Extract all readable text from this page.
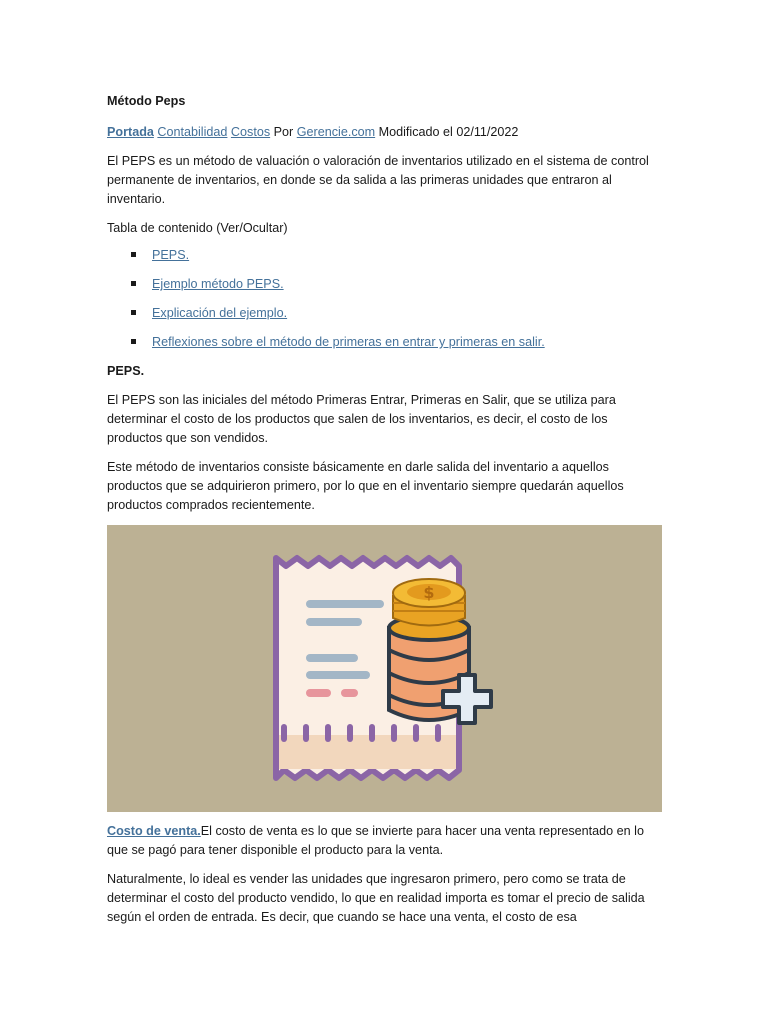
Método Peps
Portada Contabilidad Costos Por Gerencie.com Modificado el 02/11/2022
El PEPS es un método de valuación o valoración de inventarios utilizado en el sistema de control permanente de inventarios, en donde se da salida a las primeras unidades que entraron al inventario.
Tabla de contenido (Ver/Ocultar)
PEPS.
Ejemplo método PEPS.
Explicación del ejemplo.
Reflexiones sobre el método de primeras en entrar y primeras en salir.
PEPS.
El PEPS son las iniciales del método Primeras Entrar, Primeras en Salir, que se utiliza para determinar el costo de los productos que salen de los inventarios, es decir, el costo de los productos que son vendidos.
Este método de inventarios consiste básicamente en darle salida del inventario a aquellos productos que se adquirieron primero, por lo que en el inventario siempre quedarán aquellos productos comprados recientemente.
$
Costo de venta.El costo de venta es lo que se invierte para hacer una venta representado en lo que se pagó para tener disponible el producto para la venta.
Naturalmente, lo ideal es vender las unidades que ingresaron primero, pero como se trata de determinar el costo del producto vendido, lo que en realidad importa es tomar el precio de salida según el orden de entrada. Es decir, que cuando se hace una venta, el costo de esa
